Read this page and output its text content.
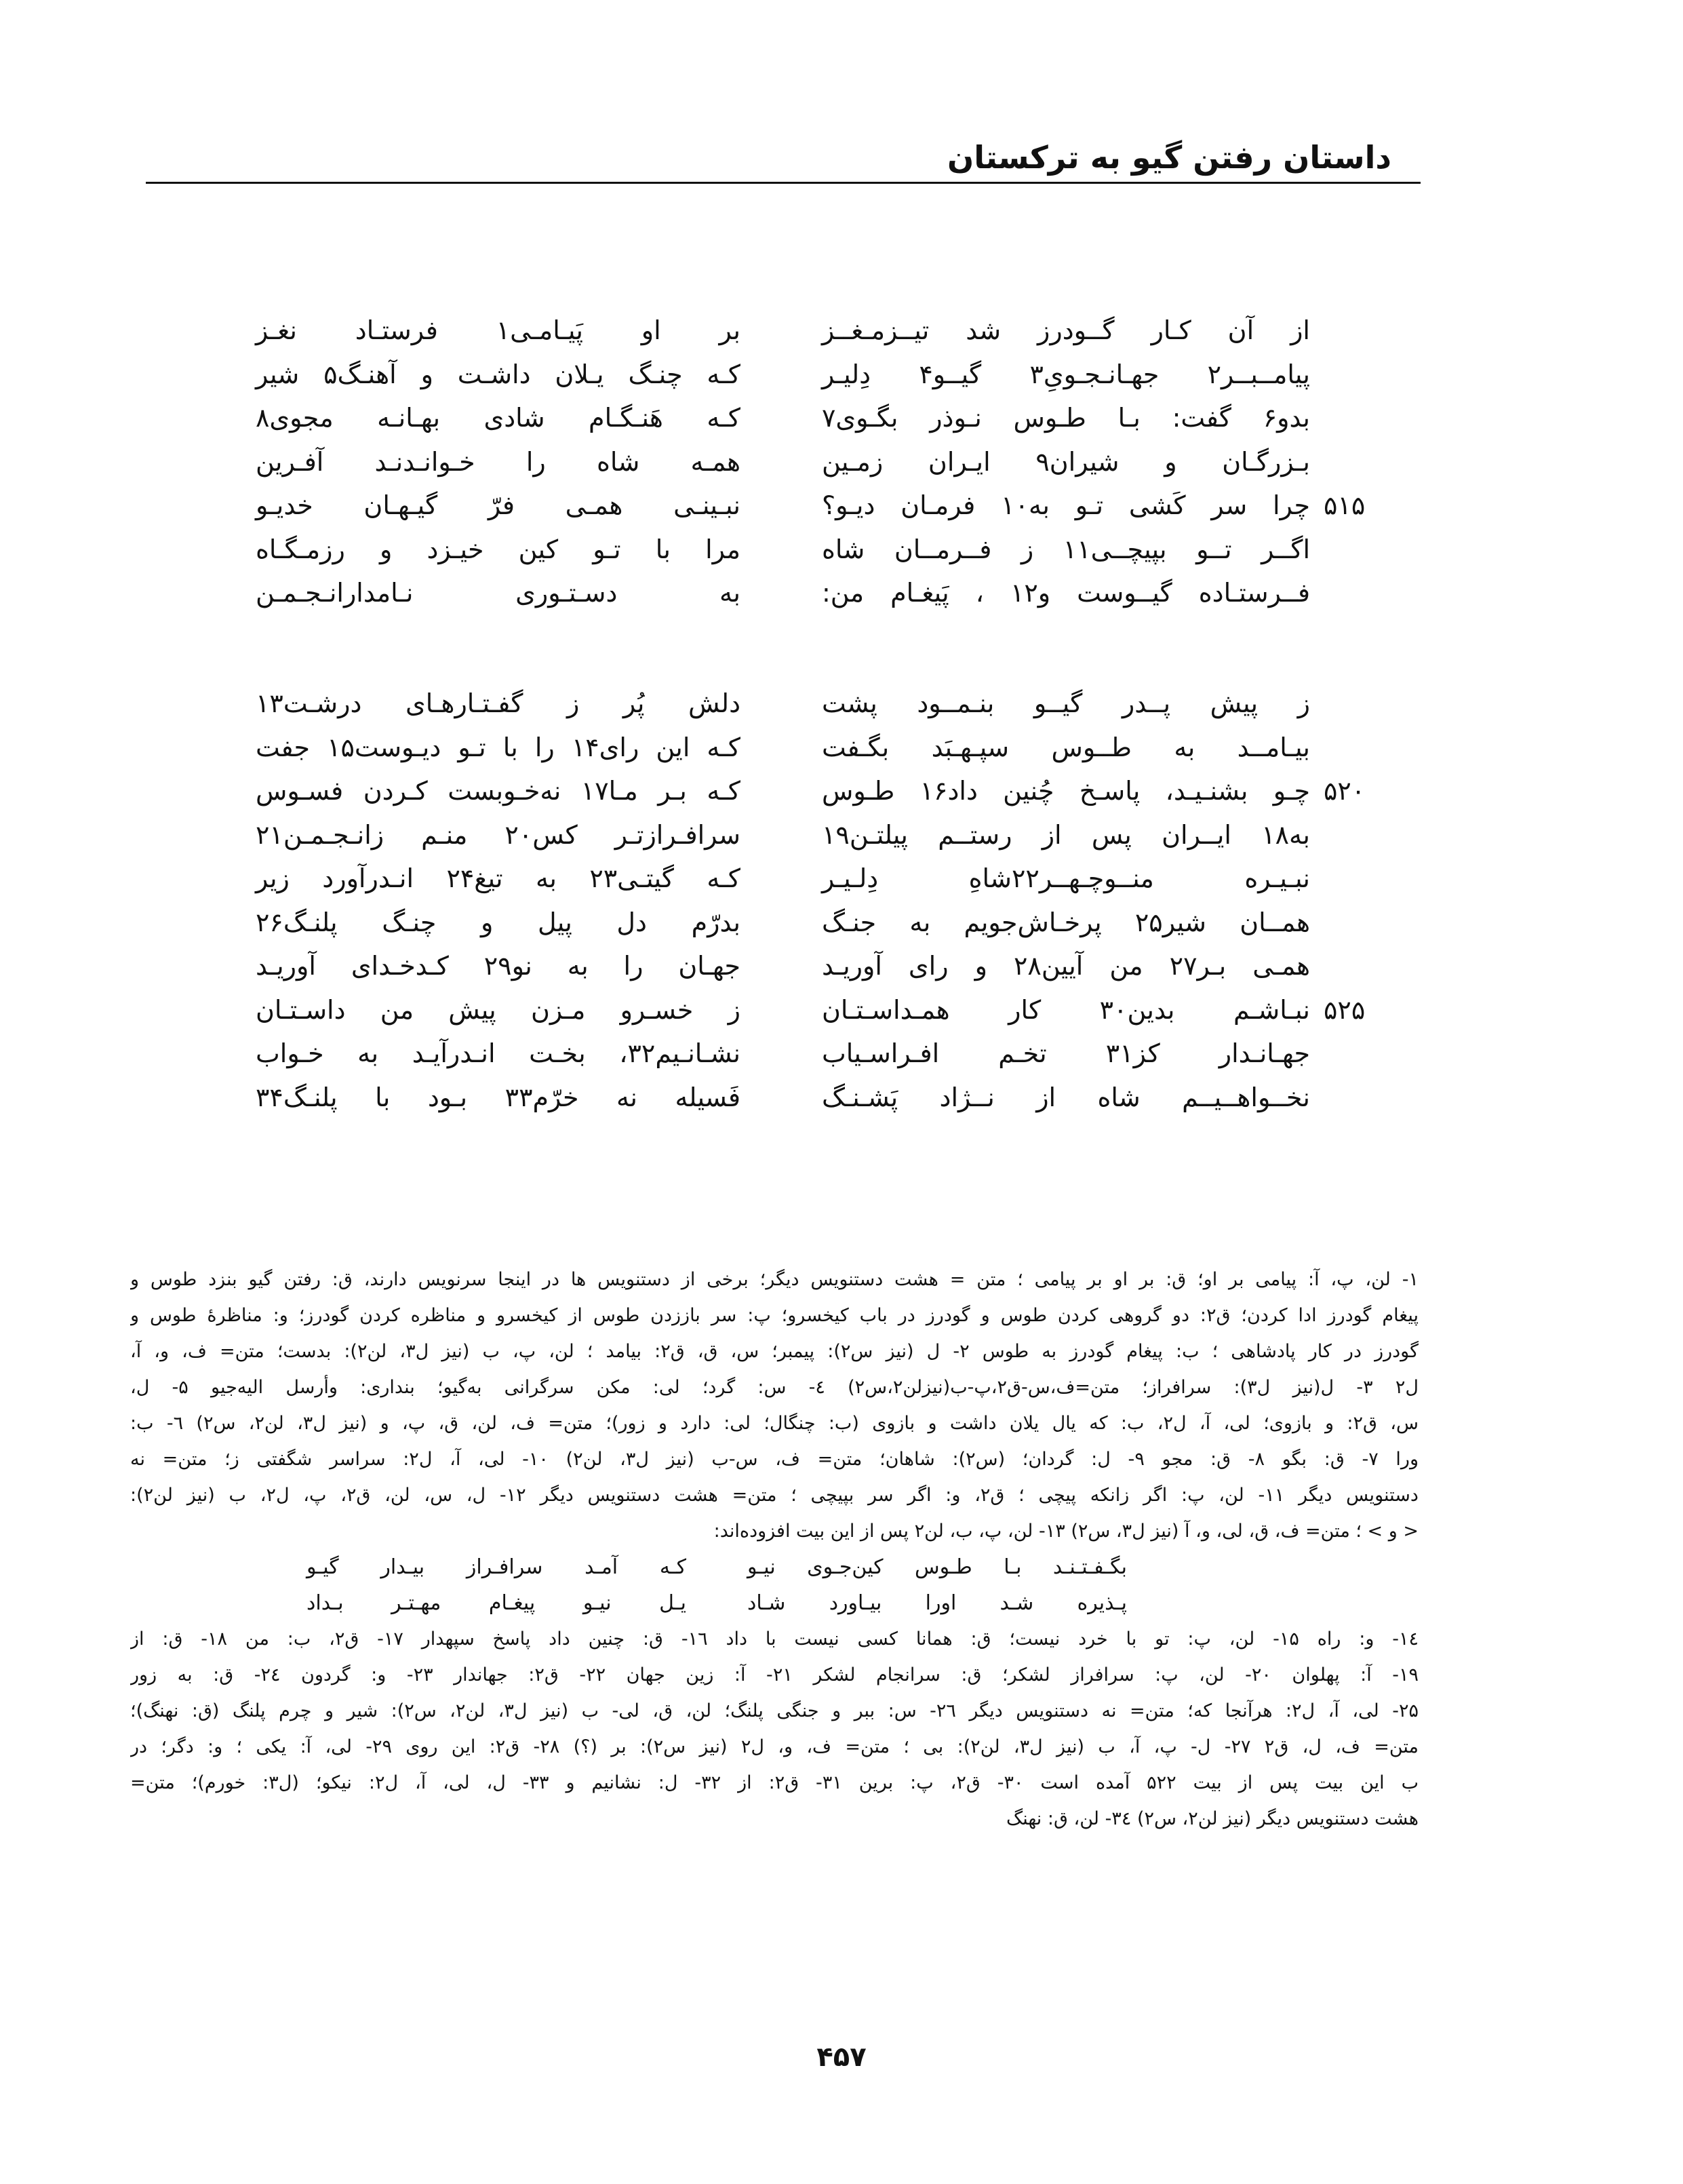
داستان رفتن گیو به ترکستان
از آن کـار گــودرز شد تیــزمـغــز
بر او پَیـامـی۱ فرستـاد نغـز
پیامــبــر۲ جهـانـجـویِ۳ گیــو۴ دِلیـر
کـه چنـگ یـلان داشـت و آهنـگ۵ شیر
بدو۶ گفت: بـا طـوس نـوذر بگـوی۷
کـه هَنـگـام شادی بهـانـه مجوی۸
بـزرگـان و شیران۹ ایـران زمـین
همـه شاه را خـوانـدنـد آفـرین
۵۱۵
چرا سر کَشی تـو به۱۰ فرمـان دیـو؟
نبـینـی همـی فرّ گیـهـان خدیـو
اگــر تــو بپیچــی۱۱ ز فــرمــان شاه
مرا با تـو کین خیـزد و رزمـگـاه
فــرستـاده گیــوست و۱۲ ، پَیغـام من:
به دسـتـوری نـامدارانـجـمـن
ز پیش پــدر گیــو بنـمــود پشت
دلش پُر ز گفـتـارهـای درشـت۱۳
بیـامــد به طــوس سپـهـبَد بگـفت
کـه این رای۱۴ را با تـو دیـوست۱۵ جفت
۵۲۰
چـو بشنـیـد، پاسـخ چُنین داد۱۶ طـوس
کـه بـر مـا۱۷ نه‌خـوبست کـردن فسـوس
به۱۸ ایــران پس از رستــم پیلتـن۱۹
سرافـرازتـر کس۲۰ منـم زانـجـمـن۲۱
نبـیـره منــوچـهــر۲۲شاهِ دِلـیـر
کـه گیتـی۲۳ به تیغ۲۴ انـدرآورد زیر
همــان شیر۲۵ پرخـاش‌جویم به جنـگ
بدرّم دل پیل و چنـگ پلنـگ۲۶
همـی بـر۲۷ من آیین۲۸ و رای آوریـد
جهـان را به نو۲۹ کـدخـدای آوریـد
۵۲۵
نبـاشـم بدین۳۰ کار همـداسـتـان
ز خسـرو مـزن پیش من داسـتـان
جهـانـدار کز۳۱ تخـم افـراسـیاب
نشـانـیم۳۲، بخـت انـدرآیـد به خـواب
نخــواهــیــم شاه از نــژاد پَشـنـگ
فَسیله نه خرّم۳۳ بـود با پلنـگ۳۴
۱- لن، پ، آ: پیامی بر او؛ ق: بر او بر پیامی ؛ متن = هشت دستنویس دیگر؛ برخی از دستنویس ها در اینجا سرنویس دارند، ق: رفتن گیو بنزد طوس و
پیغام گودرز ادا کردن؛ ق۲: دو گروهی کردن طوس و گودرز در باب کیخسرو؛ پ: سر باززدن طوس از کیخسرو و مناظره کردن گودرز؛ و: مناظرهٔ طوس و
گودرز در کار پادشاهی ؛ ب: پیغام گودرز به طوس ۲- ل (نیز س۲): پیمبر؛ س، ق، ق۲: بیامد ؛ لن، پ، ب (نیز ل۳، لن۲): بدست؛ متن= ف، و، آ،
ل۲ ۳- ل(نیز ل۳): سرافراز؛ متن=ف،س-ق۲،پ-ب(نیزلن۲،س۲) ٤- س: گرد؛ لی: مکن سرگرانی به‌گیو؛ بنداری: وأرسل الیه‌جیو ۵- ل،
س، ق۲: و بازوی؛ لی، آ، ل۲، ب: که یال یلان داشت و بازوی (ب: چنگال؛ لی: دارد و زور)؛ متن= ف، لن، ق، پ، و (نیز ل۳، لن۲، س۲) ٦- ب:
ورا ۷- ق: بگو ۸- ق: مجو ۹- ل: گردان؛ (س۲): شاهان؛ متن= ف، س-ب (نیز ل۳، لن۲) ۱۰- لی، آ، ل۲: سراسر شگفتی ز؛ متن= نه
دستنویس دیگر ۱۱- لن، پ: اگر زانکه پیچی ؛ ق۲، و: اگر سر بپیچی ؛ متن= هشت دستنویس دیگر ۱۲- ل، س، لن، ق۲، پ، ل۲، ب (نیز لن۲):
< و > ؛ متن= ف، ق، لی، و، آ (نیز ل۳، س۲) ۱۳- لن، پ، ب، لن۲ پس از این بیت افزوده‌اند:
بگـفـتـنـد بـا طـوس کین‌جـوی نیـو
کـه آمـد سرافـراز بیـدار گیـو
پـذیره شـد اورا بیـاورد شـاد
یـل نیـو پیغـام مهـتـر بـداد
۱٤- و: راه ۱۵- لن، پ: تو با خرد نیست؛ ق: همانا کسی نیست با داد ۱٦- ق: چنین داد پاسخ سپهدار ۱۷- ق۲، ب: من ۱۸- ق: از
۱۹- آ: پهلوان ۲۰- لن، پ: سرافراز لشکر؛ ق: سرانجام لشکر ۲۱- آ: زین جهان ۲۲- ق۲: جهاندار ۲۳- و: گردون ۲٤- ق: به زور
۲۵- لی، آ، ل۲: هرآنجا که؛ متن= نه دستنویس دیگر ۲٦- س: ببر و جنگی پلنگ؛ لن، ق، لی- ب (نیز ل۳، لن۲، س۲): شیر و چرم پلنگ (ق: نهنگ)؛
متن= ف، ل، ق۲ ۲۷- ل- پ، آ، ب (نیز ل۳، لن۲): بی ؛ متن= ف، و، ل۲ (نیز س۲): بر (؟) ۲۸- ق۲: این روی ۲۹- لی، آ: یکی ؛ و: دگر؛ در
ب این بیت پس از بیت ۵۲۲ آمده است ۳۰- ق۲، پ: برین ۳۱- ق۲: از ۳۲- ل: نشانیم و ۳۳- ل، لی، آ، ل۲: نیکو؛ (ل۳: خورم)؛ متن=
هشت دستنویس دیگر (نیز لن۲، س۲) ۳٤- لن، ق: نهنگ
۴۵۷
